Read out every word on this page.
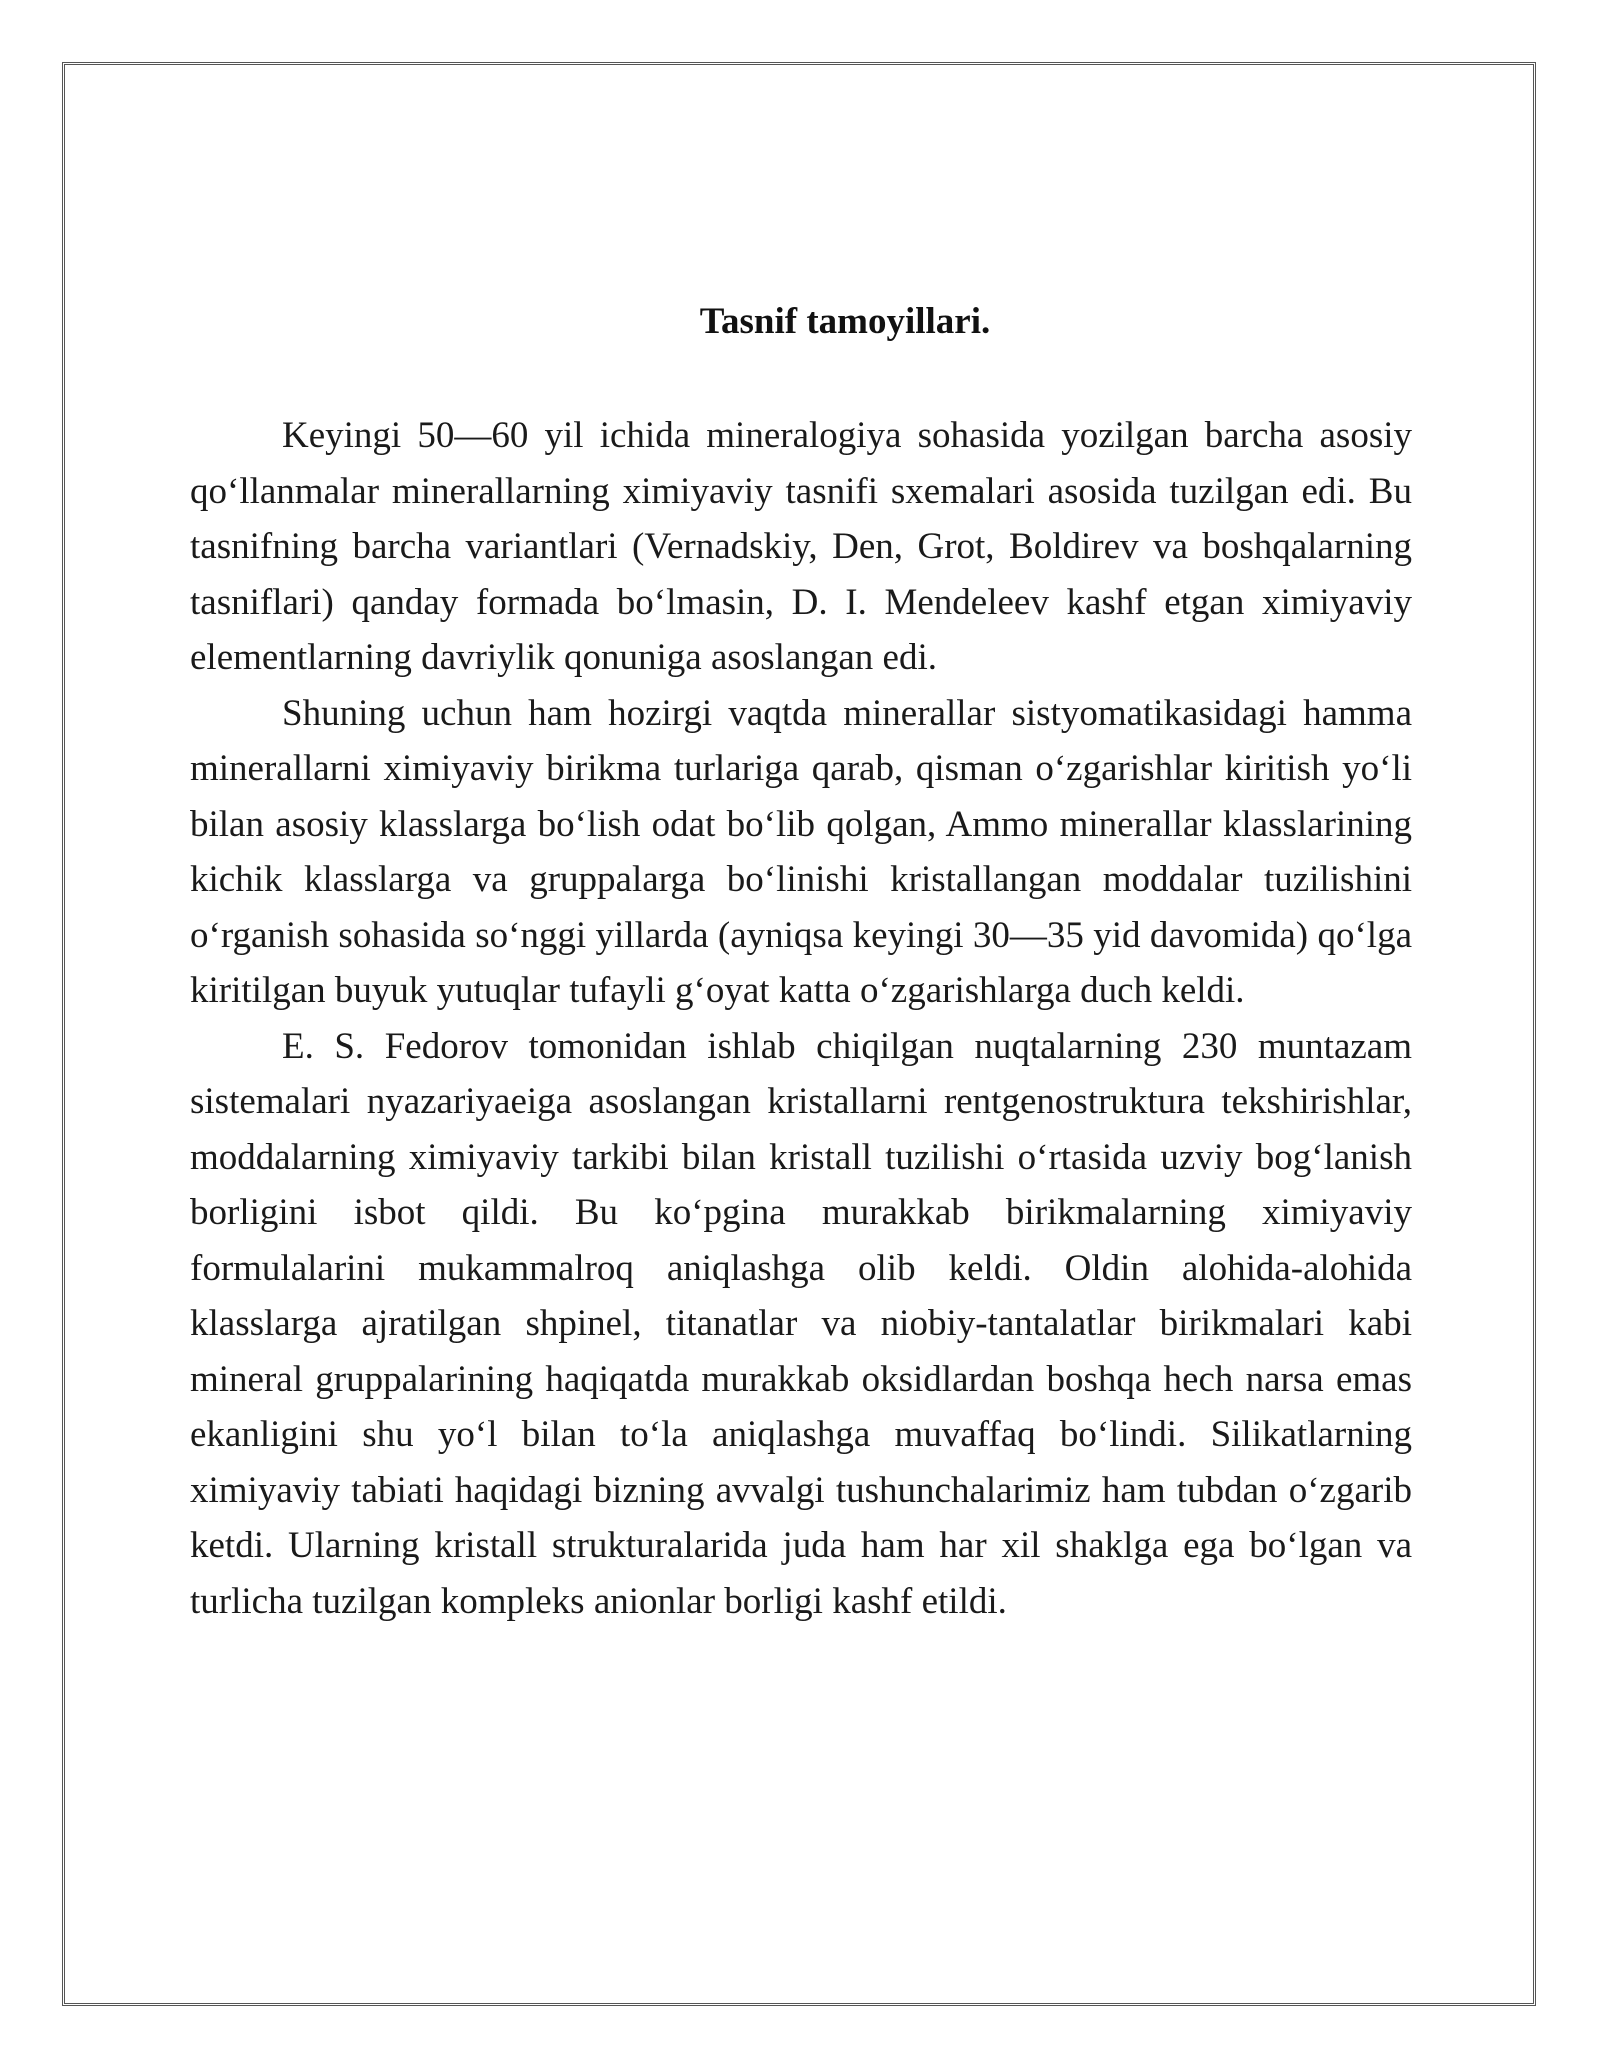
Tasnif tamoyillari.

Keyingi 50—60 yil ichida mineralogiya sohasida yozilgan barcha asosiy qo‘llanmalar minerallarning ximiyaviy tasnifi sxemalari asosida tuzilgan edi. Bu tasnifning barcha variantlari (Vernadskiy, Den, Grot, Boldirev va boshqalarning tasniflari) qanday formada bo‘lmasin, D. I. Mendeleev kashf etgan ximiyaviy elementlarning davriylik qonuniga asoslangan edi.

Shuning uchun ham hozirgi vaqtda minerallar sistyomatikasidagi hamma minerallarni ximiyaviy birikma turlariga qarab, qisman o‘zgarishlar kiritish yo‘li bilan asosiy klasslarga bo‘lish odat bo‘lib qolgan, Ammo minerallar klasslarining kichik klasslarga va gruppalarga bo‘linishi kristallangan moddalar tuzilishini o‘rganish sohasida so‘nggi yillarda (ayniqsa keyingi 30—35 yid davomida) qo‘lga kiritilgan buyuk yutuqlar tufayli g‘oyat katta o‘zgarishlarga duch keldi.

E. S. Fedorov tomonidan ishlab chiqilgan nuqtalarning 230 muntazam sistemalari nyazariyaeiga asoslangan kristallarni rentgenostruktura tekshirishlar, moddalarning ximiyaviy tarkibi bilan kristall tuzilishi o‘rtasida uzviy bog‘lanish borligini isbot qildi. Bu ko‘pgina murakkab birikmalarning ximiyaviy formulalarini mukammalroq aniqlashga olib keldi. Oldin alohida-alohida klasslarga ajratilgan shpinel, titanatlar va niobiy-tantalatlar birikmalari kabi mineral gruppalarining haqiqatda murakkab oksidlardan boshqa hech narsa emas ekanligini shu yo‘l bilan to‘la aniqlashga muvaffaq bo‘lindi. Silikatlarning ximiyaviy tabiati haqidagi bizning avvalgi tushunchalarimiz ham tubdan o‘zgarib ketdi. Ularning kristall strukturalarida juda ham har xil shaklga ega bo‘lgan va turlicha tuzilgan kompleks anionlar borligi kashf etildi.
